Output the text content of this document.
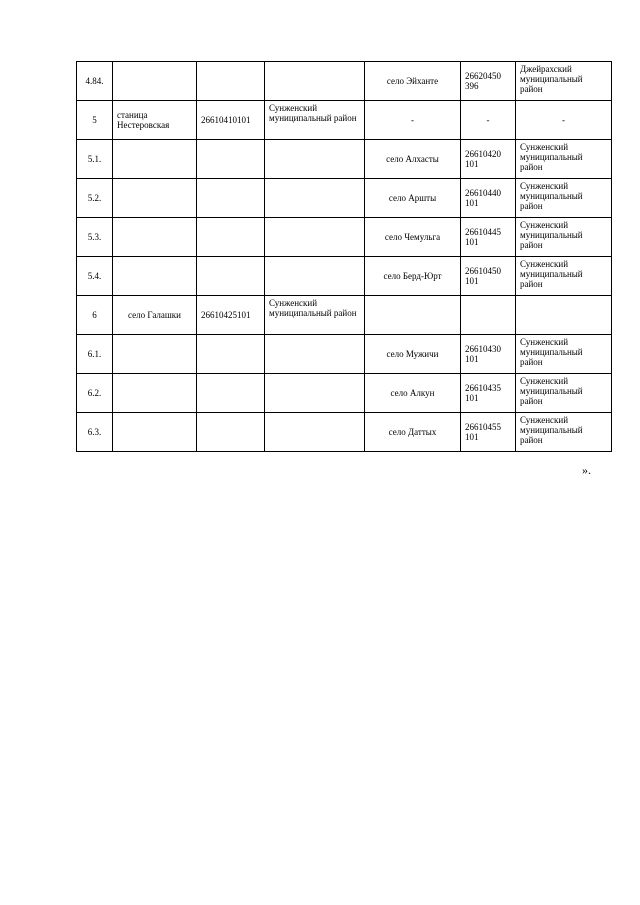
4.84.				село Эйханте	26620450 396	Джейрахский муниципальный район
5	станица Нестеровская	26610410101	Сунженский муниципальный район	-	-	-
5.1.				село Алхасты	26610420 101	Сунженский муниципальный район
5.2.				село Аршты	26610440 101	Сунженский муниципальный район
5.3.				село Чемульга	26610445 101	Сунженский муниципальный район
5.4.				село Берд-Юрт	26610450 101	Сунженский муниципальный район
6	село Галашки	26610425101	Сунженский муниципальный район			
6.1.				село Мужичи	26610430 101	Сунженский муниципальный район
6.2.				село Алкун	26610435 101	Сунженский муниципальный район
6.3.				село Даттых	26610455 101	Сунженский муниципальный район
».
